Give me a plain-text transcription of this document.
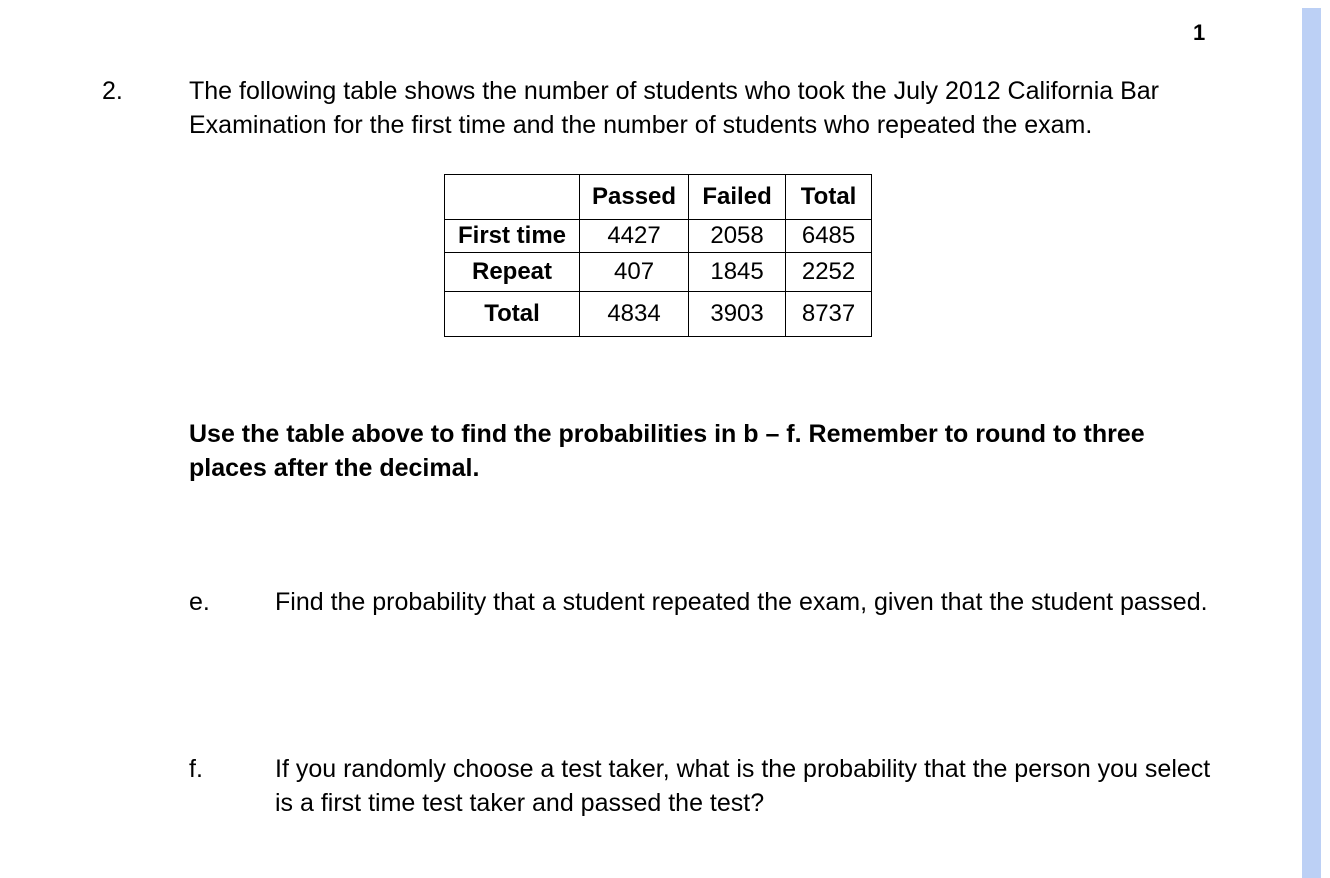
1
2.	The following table shows the number of students who took the July 2012 California Bar Examination for the first time and the number of students who repeated the exam.
	Passed	Failed	Total
First time	4427	2058	6485
Repeat	407	1845	2252
Total	4834	3903	8737
Use the table above to find the probabilities in b – f. Remember to round to three places after the decimal.
e.	Find the probability that a student repeated the exam, given that the student passed.
f.	If you randomly choose a test taker, what is the probability that the person you select is a first time test taker and passed the test?
